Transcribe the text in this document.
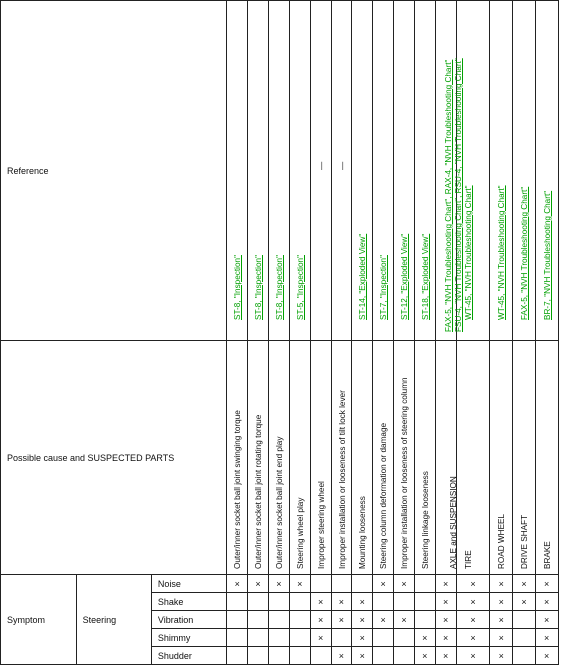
Reference			ST-8, "Inspection"	ST-8, "Inspection"	ST-8, "Inspection"	ST-5, "Inspection"	—	—	ST-14, "Exploded View"	ST-7, "Inspection"	ST-12, "Exploded View"	ST-18, "Exploded View"	FAX-5, "NVH Troubleshooting Chart", RAX-4, "NVH Troubleshooting Chart" FSU-4, "NVH Troubleshooting Chart", RSU-4, "NVH Troubleshooting Chart"	WT-45, "NVH Troubleshooting Chart"	WT-45, "NVH Troubleshooting Chart"	FAX-5, "NVH Troubleshooting Chart"	BR-7, "NVH Troubleshooting Chart"

Possible cause and SUSPECTED PARTS			Outer/inner socket ball joint swinging torque	Outer/inner socket ball joint rotating torque	Outer/inner socket ball joint end play	Steering wheel play	Improper steering wheel	Improper installation or looseness of tilt lock lever	Mounting looseness	Steering column deformation or damage	Improper installation or looseness of steering column	Steering linkage looseness	AXLE and SUSPENSION	TIRE	ROAD WHEEL	DRIVE SHAFT	BRAKE

Symptom	Steering	Noise	×	×	×	×				×	×		×	×	×	×	×
		Shake					×	×	×				×	×	×	×	×
		Vibration					×	×	×	×	×		×	×	×		×
		Shimmy					×		×			×	×	×	×		×
		Shudder						×	×			×	×	×	×		×
